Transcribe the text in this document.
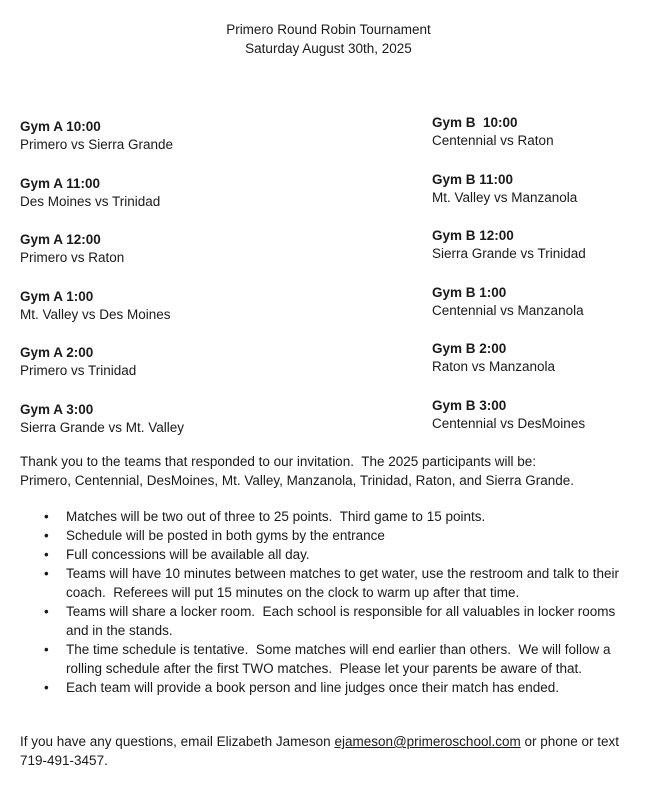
Primero Round Robin Tournament
Saturday August 30th, 2025
Gym A 10:00
Primero vs Sierra Grande
Gym A 11:00
Des Moines vs Trinidad
Gym A 12:00
Primero vs Raton
Gym A 1:00
Mt. Valley vs Des Moines
Gym A 2:00
Primero vs Trinidad
Gym A 3:00
Sierra Grande vs Mt. Valley
Gym B  10:00
Centennial vs Raton
Gym B 11:00
Mt. Valley vs Manzanola
Gym B 12:00
Sierra Grande vs Trinidad
Gym B 1:00
Centennial vs Manzanola
Gym B 2:00
Raton vs Manzanola
Gym B 3:00
Centennial vs DesMoines
Thank you to the teams that responded to our invitation.  The 2025 participants will be:
Primero, Centennial, DesMoines, Mt. Valley, Manzanola, Trinidad, Raton, and Sierra Grande.
• Matches will be two out of three to 25 points.  Third game to 15 points.
• Schedule will be posted in both gyms by the entrance
• Full concessions will be available all day.
• Teams will have 10 minutes between matches to get water, use the restroom and talk to their coach.  Referees will put 15 minutes on the clock to warm up after that time.
• Teams will share a locker room.  Each school is responsible for all valuables in locker rooms and in the stands.
• The time schedule is tentative.  Some matches will end earlier than others.  We will follow a rolling schedule after the first TWO matches.  Please let your parents be aware of that.
• Each team will provide a book person and line judges once their match has ended.
If you have any questions, email Elizabeth Jameson ejameson@primeroschool.com or phone or text 719-491-3457.
